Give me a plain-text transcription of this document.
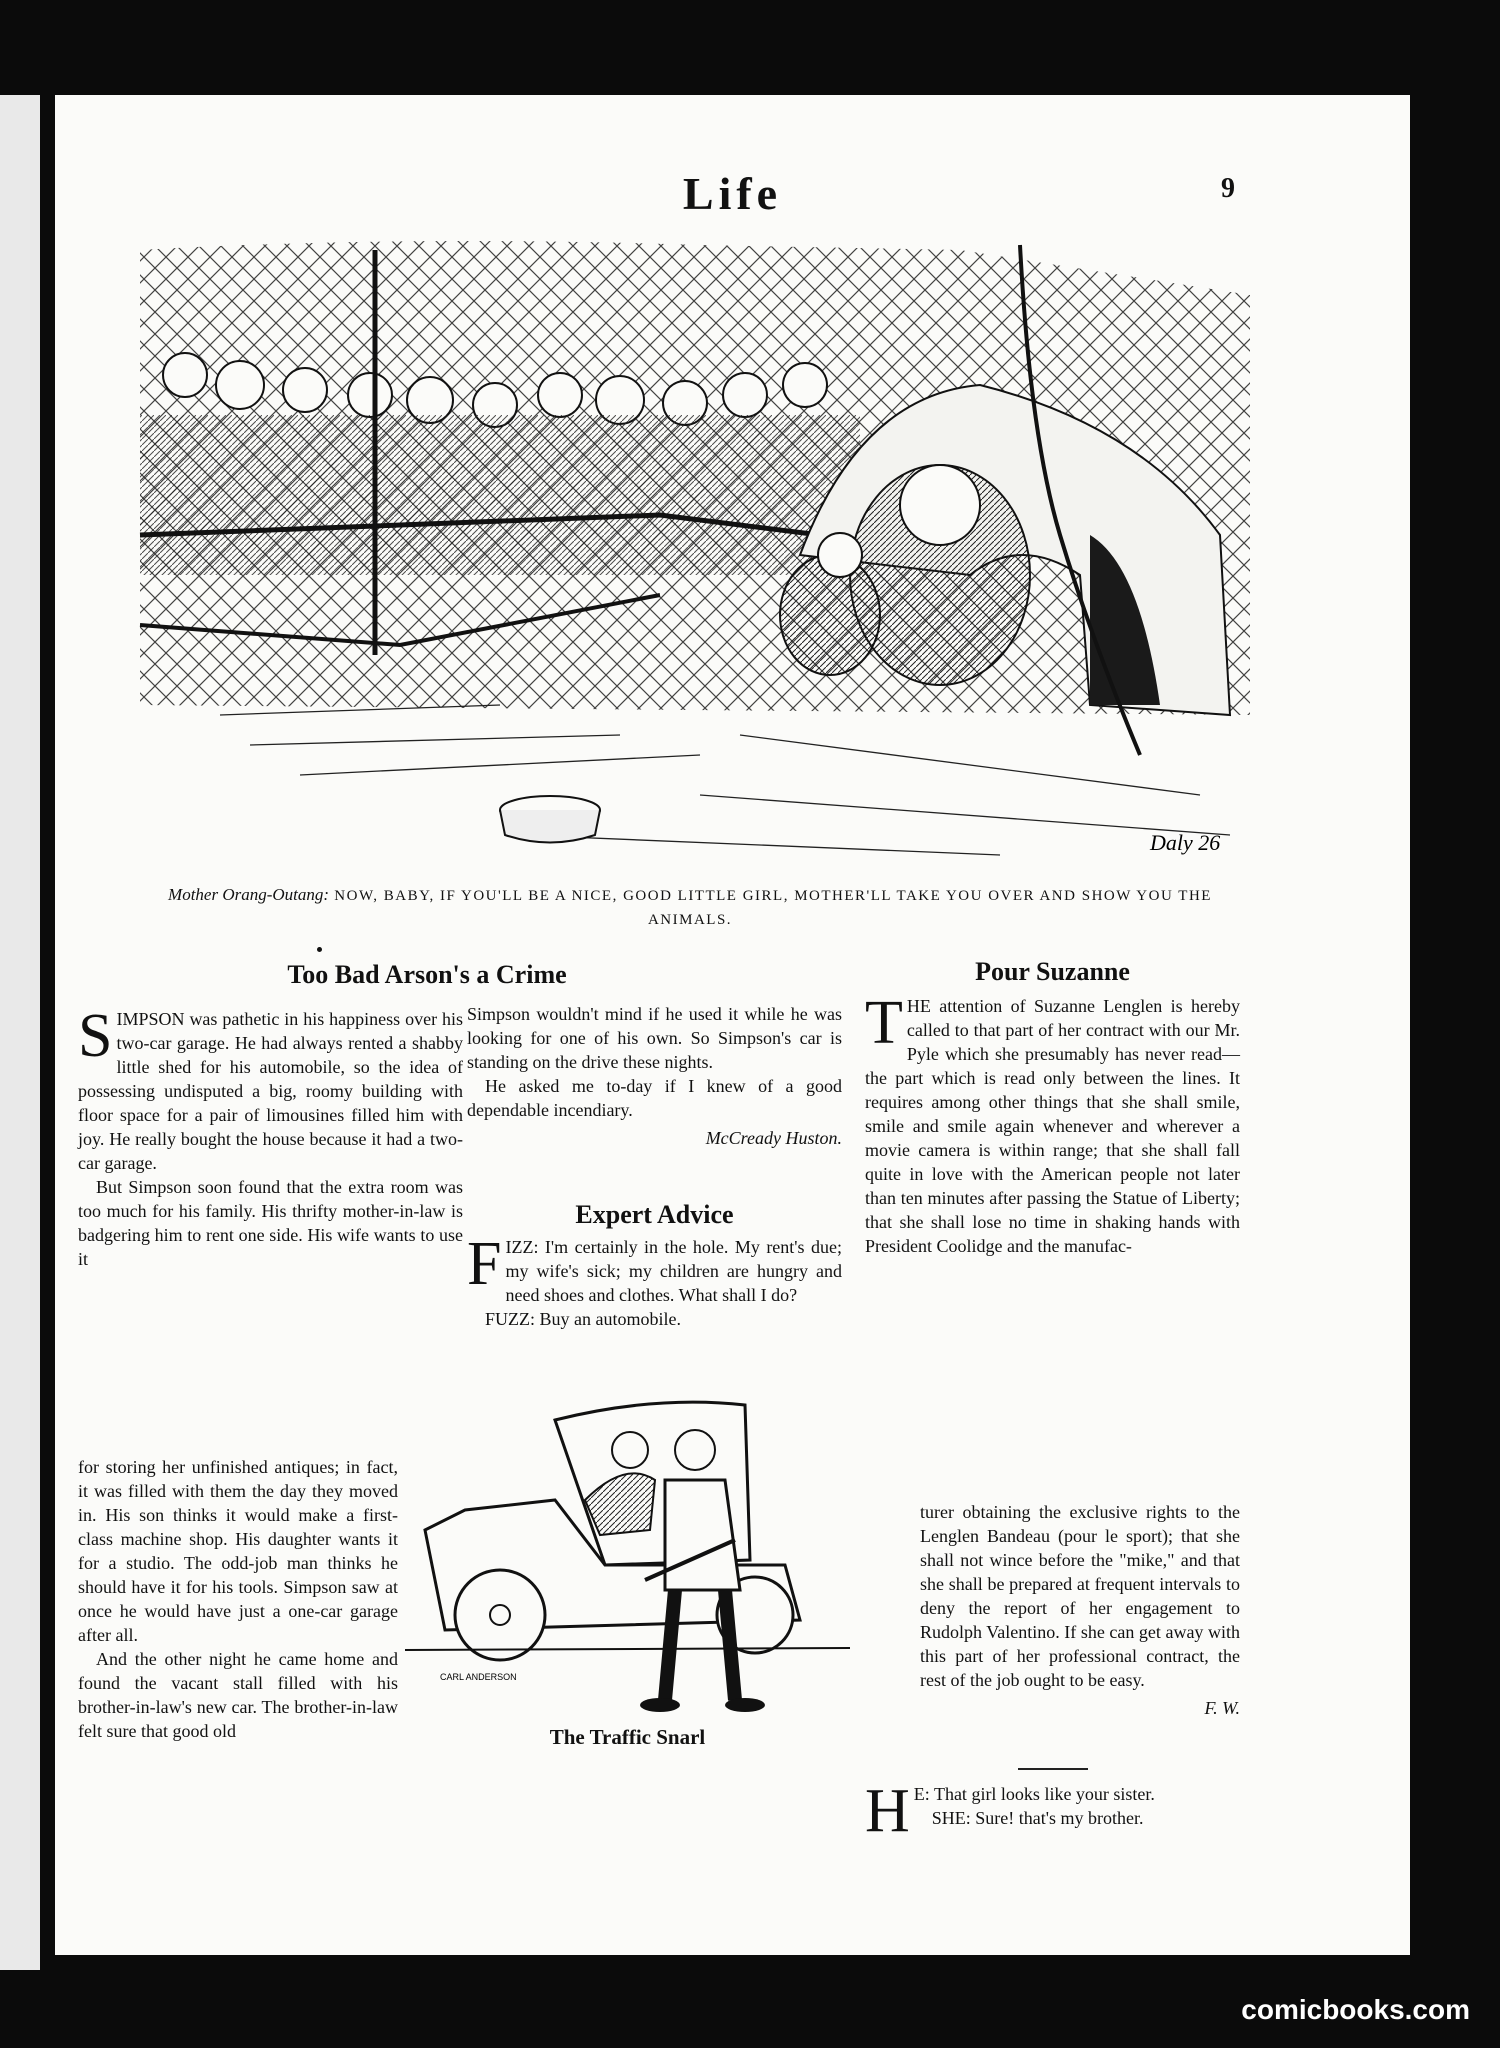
Life	9
Daly 26
Mother Orang-Outang: NOW, BABY, IF YOU'LL BE A NICE, GOOD LITTLE GIRL, MOTHER'LL TAKE YOU OVER AND SHOW YOU THE ANIMALS.
Too Bad Arson's a Crime

SIMPSON was pathetic in his happiness over his two-car garage. He had always rented a shabby little shed for his automobile, so the idea of possessing undisputed a big, roomy building with floor space for a pair of limousines filled him with joy. He really bought the house because it had a two-car garage.

But Simpson soon found that the extra room was too much for his family. His thrifty mother-in-law is badgering him to rent one side. His wife wants to use it

for storing her unfinished antiques; in fact, it was filled with them the day they moved in. His son thinks it would make a first-class machine shop. His daughter wants it for a studio. The odd-job man thinks he should have it for his tools. Simpson saw at once he would have just a one-car garage after all.

And the other night he came home and found the vacant stall filled with his brother-in-law's new car. The brother-in-law felt sure that good old

Simpson wouldn't mind if he used it while he was looking for one of his own. So Simpson's car is standing on the drive these nights.

He asked me to-day if I knew of a good dependable incendiary.

McCready Huston.
Expert Advice

FIZZ: I'm certainly in the hole. My rent's due; my wife's sick; my children are hungry and need shoes and clothes. What shall I do?

FUZZ: Buy an automobile.

CARL ANDERSON
The Traffic Snarl
Pour Suzanne

THE attention of Suzanne Lenglen is hereby called to that part of her contract with our Mr. Pyle which she presumably has never read—the part which is read only between the lines. It requires among other things that she shall smile, smile and smile again whenever and wherever a movie camera is within range; that she shall fall quite in love with the American people not later than ten minutes after passing the Statue of Liberty; that she shall lose no time in shaking hands with President Coolidge and the manufac-

turer obtaining the exclusive rights to the Lenglen Bandeau (pour le sport); that she shall not wince before the "mike," and that she shall be prepared at frequent intervals to deny the report of her engagement to Rudolph Valentino. If she can get away with this part of her professional contract, the rest of the job ought to be easy.

F. W.

H E: That girl looks like your sister.

SHE: Sure! that's my brother.

comicbooks.com
